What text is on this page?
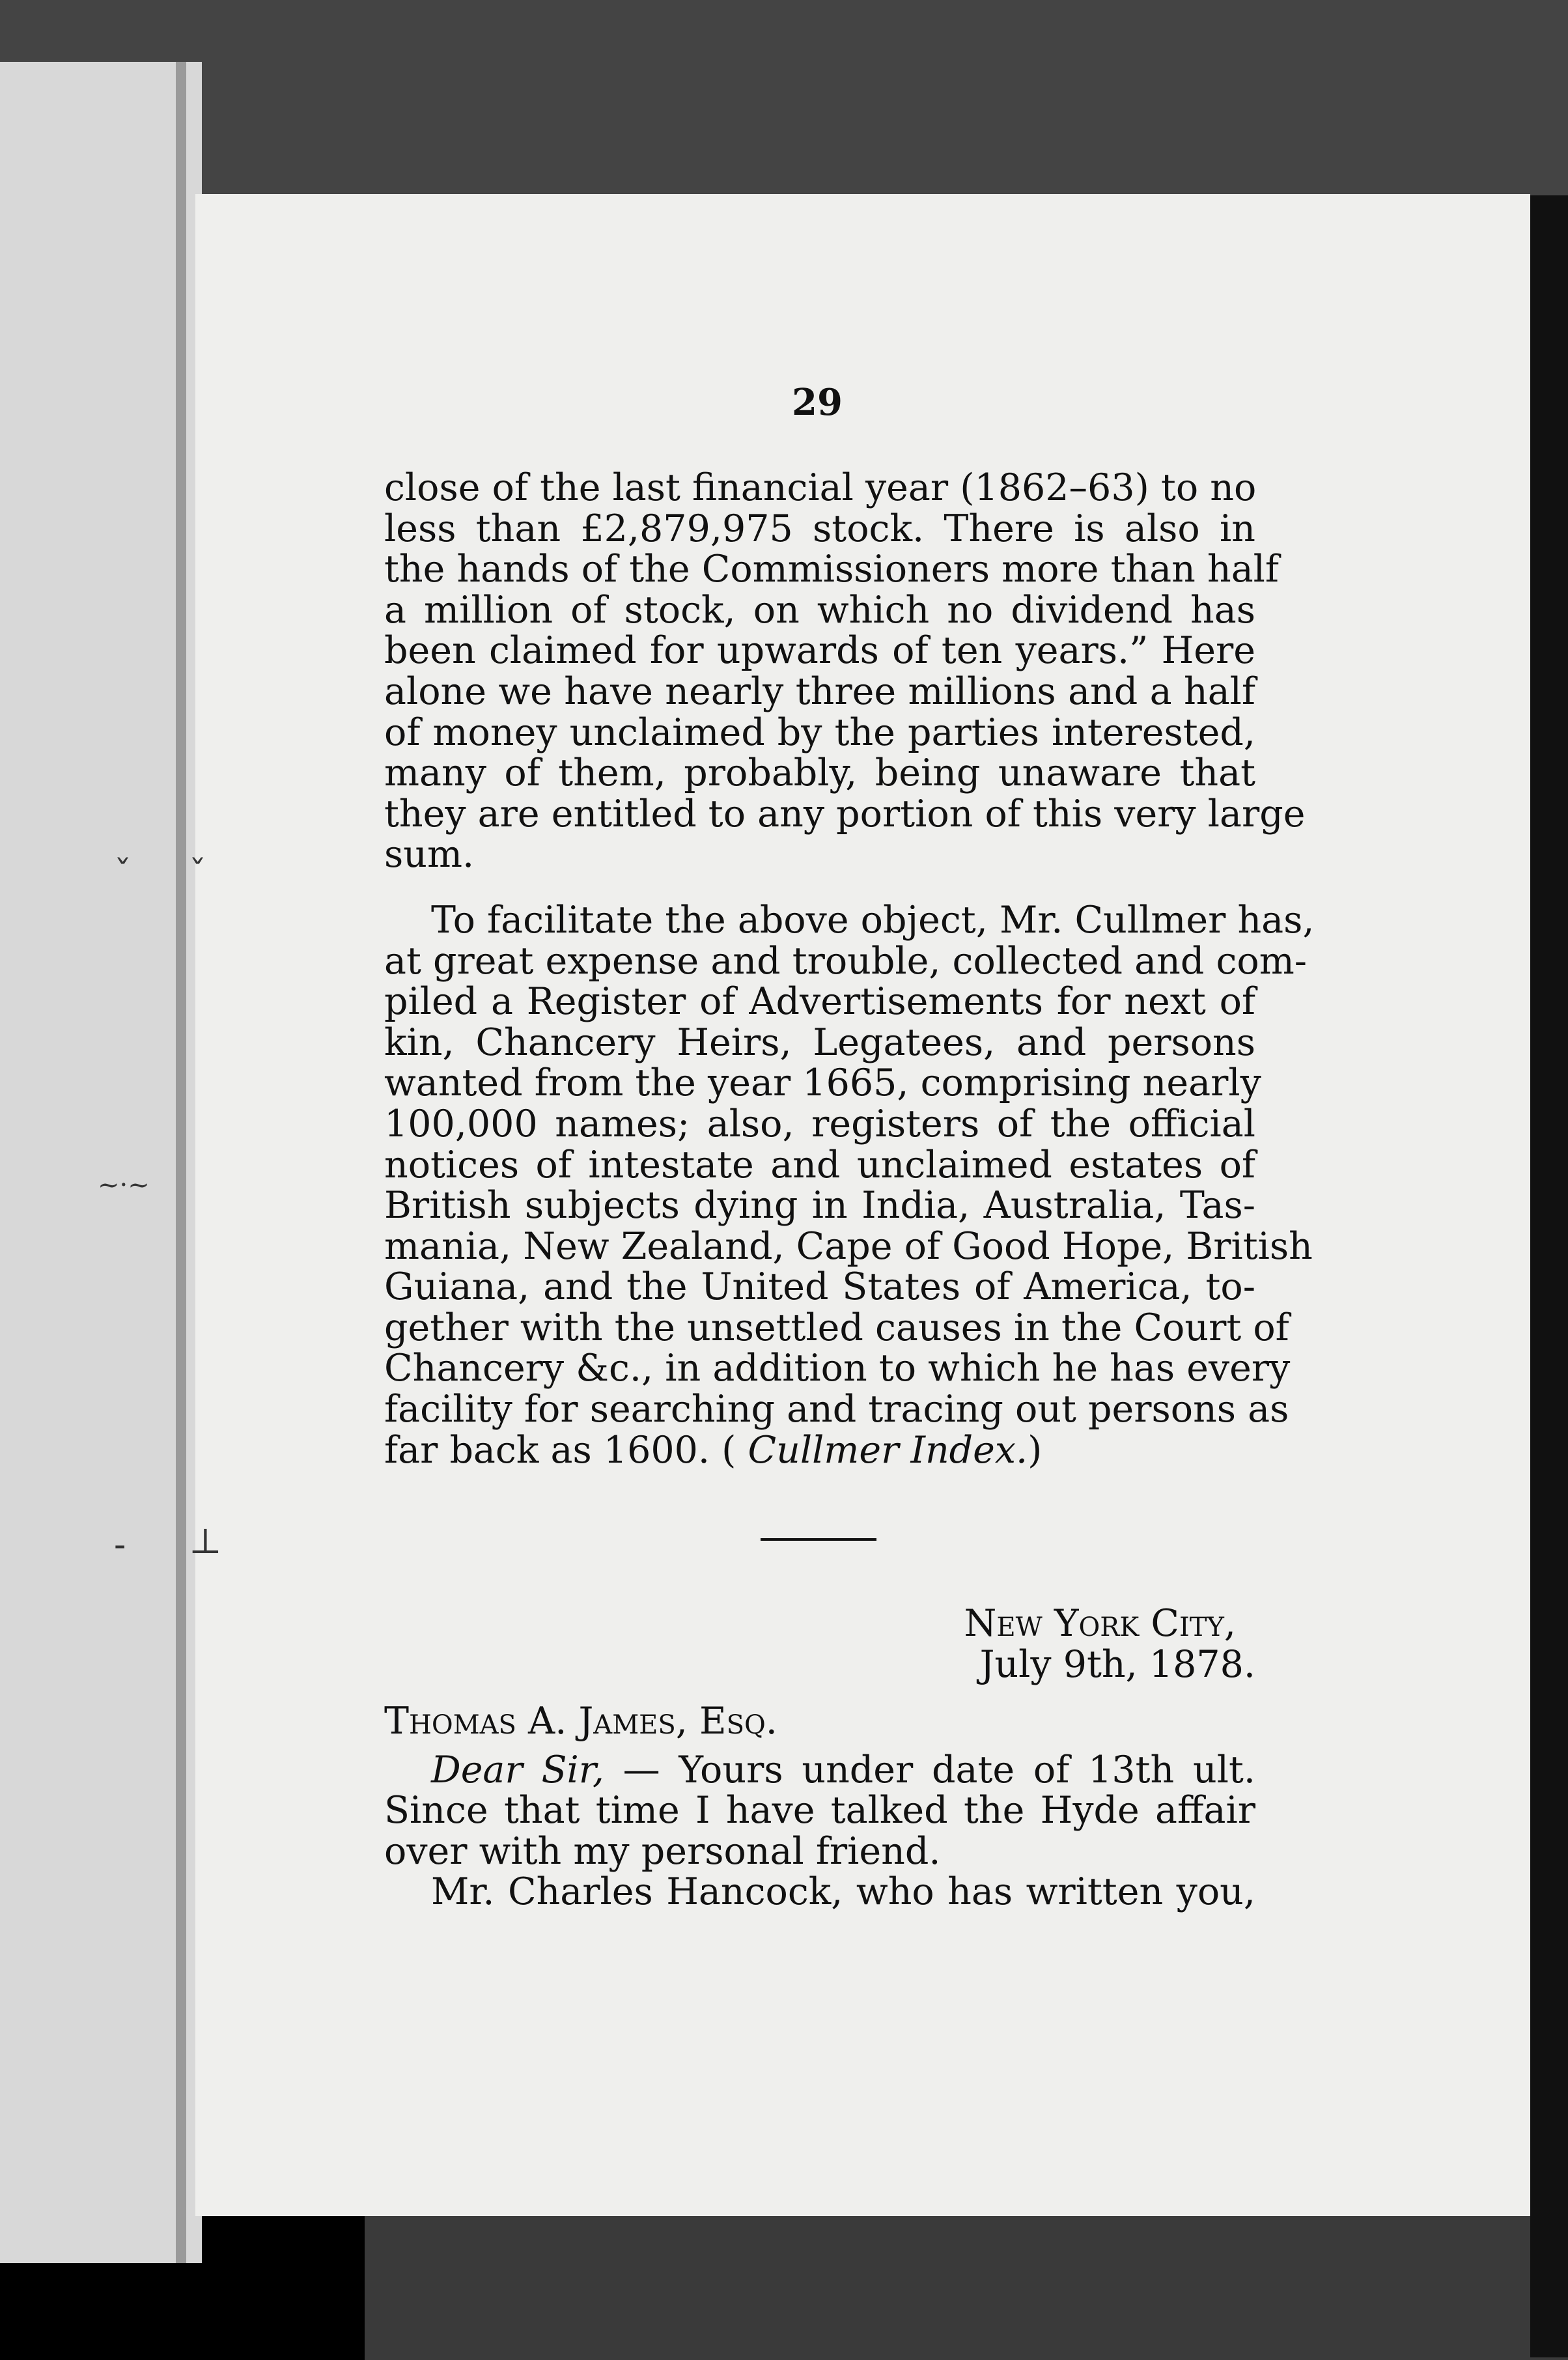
ˇ ˇ
~·~
- ⊥
29
close of the last financial year (1862–63) to no
less than £2,879,975 stock. There is also in
the hands of the Commissioners more than half
a million of stock, on which no dividend has
been claimed for upwards of ten years.” Here
alone we have nearly three millions and a half
of money unclaimed by the parties interested,
many of them, probably, being unaware that
they are entitled to any portion of this very large
sum.
To facilitate the above object, Mr. Cullmer has,
at great expense and trouble, collected and com-
piled a Register of Advertisements for next of
kin, Chancery Heirs, Legatees, and persons
wanted from the year 1665, comprising nearly
100,000 names; also, registers of the official
notices of intestate and unclaimed estates of
British subjects dying in India, Australia, Tas-
mania, New Zealand, Cape of Good Hope, British
Guiana, and the United States of America, to-
gether with the unsettled causes in the Court of
Chancery &c., in addition to which he has every
facility for searching and tracing out persons as
far back as 1600. ( Cullmer Index.)
New York City,
July 9th, 1878.
Thomas A. James, Esq.
Dear Sir, — Yours under date of 13th ult.
Since that time I have talked the Hyde affair
over with my personal friend.
Mr. Charles Hancock, who has written you,
